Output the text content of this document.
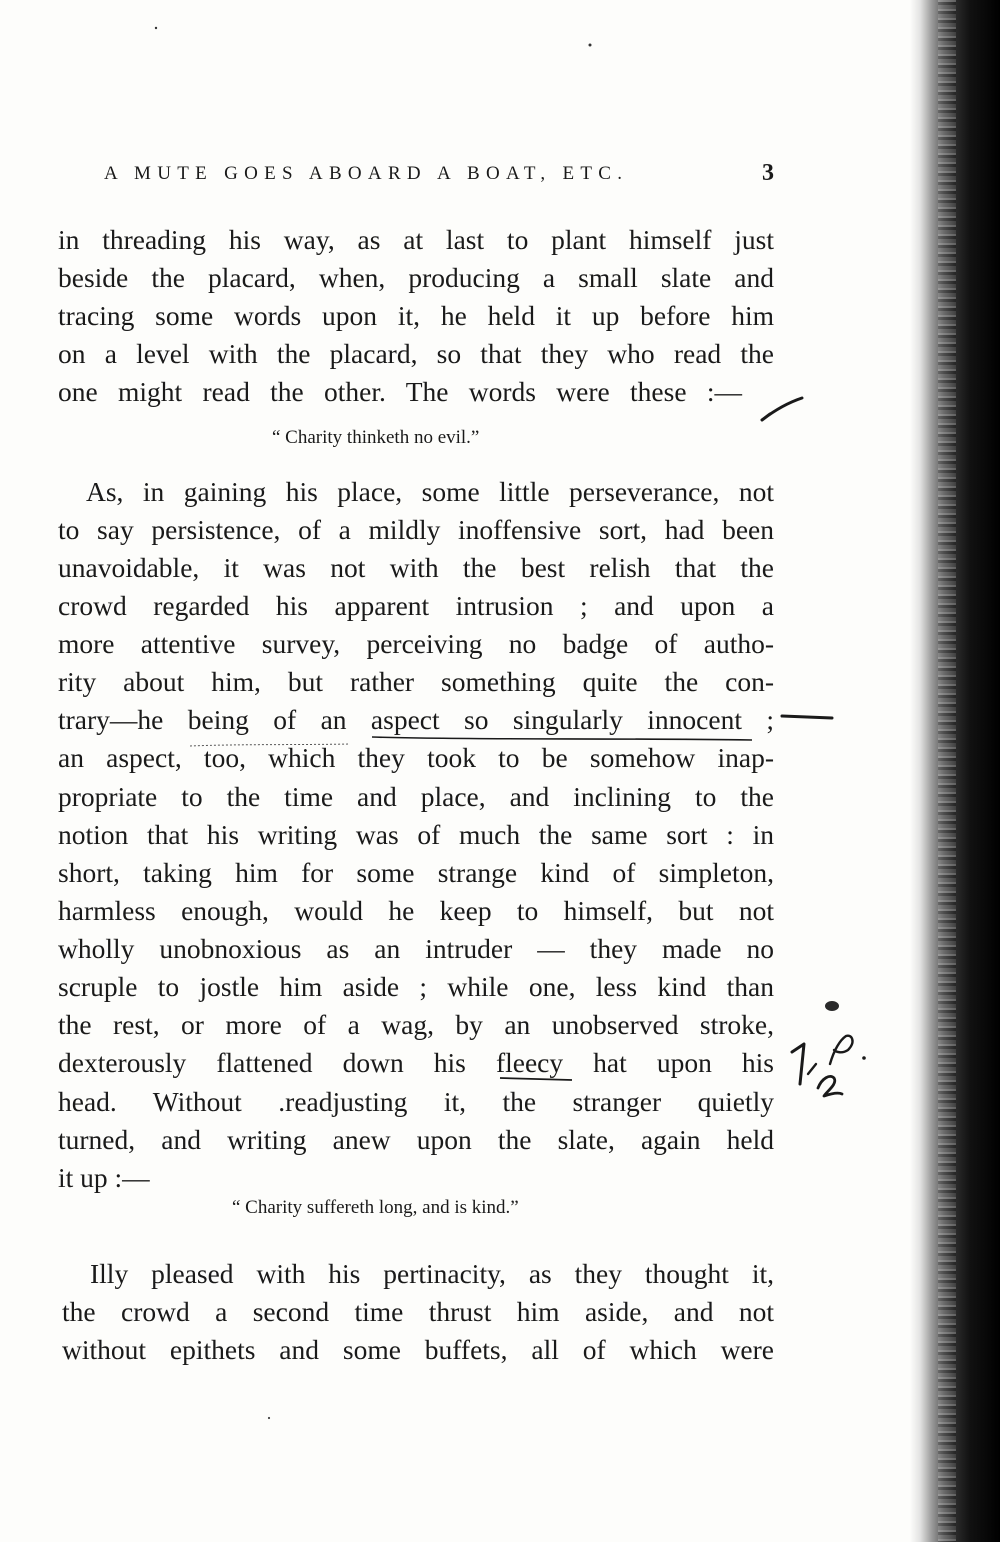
A MUTE GOES ABOARD A BOAT, ETC.	3
in threading his way, as at last to plant himself just
beside the placard, when, producing a small slate and
tracing some words upon it, he held it up before him
on a level with the placard, so that they who read the
one might read the other. The words were these :—
“ Charity thinketh no evil.”
As, in gaining his place, some little perseverance, not
to say persistence, of a mildly inoffensive sort, had been
unavoidable, it was not with the best relish that the
crowd regarded his apparent intrusion ; and upon a
more attentive survey, perceiving no badge of autho-
rity about him, but rather something quite the con-
trary—he being of an aspect so singularly innocent ;
an aspect, too, which they took to be somehow inap-
propriate to the time and place, and inclining to the
notion that his writing was of much the same sort : in
short, taking him for some strange kind of simpleton,
harmless enough, would he keep to himself, but not
wholly unobnoxious as an intruder — they made no
scruple to jostle him aside ; while one, less kind than
the rest, or more of a wag, by an unobserved stroke,
dexterously flattened down his fleecy hat upon his
head. Without .readjusting it, the stranger quietly
turned, and writing anew upon the slate, again held
it up :—
“ Charity suffereth long, and is kind.”
Illy pleased with his pertinacity, as they thought it,
the crowd a second time thrust him aside, and not
without epithets and some buffets, all of which were
